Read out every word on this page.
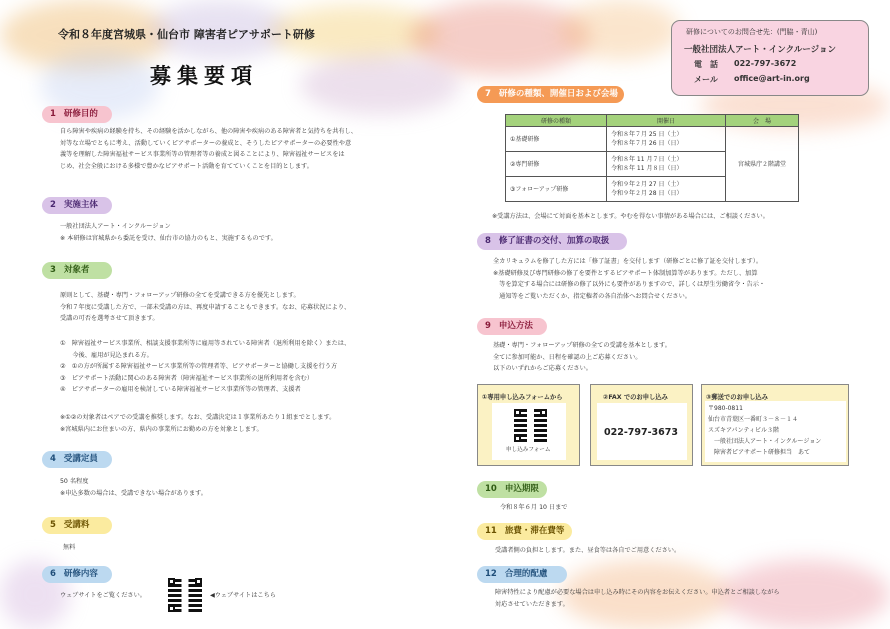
令和８年度宮城県・仙台市 障害者ピアサポート研修
募集要項
研修についてのお問合せ先：(門脇・青山)
一般社団法人アート・インクルージョン
電　話 022-797-3672
メール office@art-in.org
1 研修目的
自ら障害や疾病の経験を持ち、その経験を活かしながら、他の障害や疾病のある障害者と気持ちを共有し、
対等な立場でともに考え、活動していくピアサポーターの養成と、そうしたピアサポーターの必要性や意
義等を理解した障害福祉サービス事業所等の管理者等の養成と図ることにより、障害福祉サービスをは
じめ、社会全般における多様で豊かなピアサポート活動を育てていくことを目的とします。
2 実施主体
一般社団法人アート・インクルージョン
※ 本研修は宮城県から委託を受け、仙台市の協力のもと、実施するものです。
3 対象者
原則として、基礎・専門・フォローアップ研修の全てを受講できる方を優先とします。
令和７年度に受講した方で、一部未受講の方は、再度申請することもできます。なお、応募状況により、
受講の可否を選考させて頂きます。
①　障害福祉サービス事業所、相談支援事業所等に雇用等されている障害者（退所利用を除く）または、
　　今後、雇用が見込まれる方。
②　①の方が所属する障害福祉サービス事業所等の管理者等、ピアサポーターと協働し支援を行う方
③　ピアサポート活動に関心のある障害者（障害福祉サービス事業所の退所利用者を含む）
④　ピアサポーターの雇用を検討している障害福祉サービス事業所等の管理者、支援者
※①②の対象者はペアでの受講を推奨します。なお、受講決定は１事業所あたり１組までとします。
※宮城県内にお住まいの方、県内の事業所にお勤めの方を対象とします。
4 受講定員
50 名程度
※申込多数の場合は、受講できない場合があります。
5 受講料
無料
6 研修内容
ウェブサイトをご覧ください。	◀ウェブサイトはこちら
7 研修の種類、開催日および会場
研修の種類	開催日	会　場
①基礎研修	令和８年７月 25 日（土）
令和８年７月 26 日（日）	宮城県庁２階講堂
②専門研修	令和８年 11 月７日（土）
令和８年 11 月８日（日）	

③フォローアップ研修	令和９年２月 27 日（土）
令和９年２月 28 日（日）	
※受講方法は、会場にて対面を基本とします。やむを得ない事情がある場合には、ご相談ください。
8 修了証書の交付、加算の取扱
全カリキュラムを修了した方には「修了証書」を交付します（研修ごとに修了証を交付します）。
※基礎研修及び専門研修の修了を要件とするピアサポート体制加算等があります。ただし、加算
　等を算定する場合には研修の修了以外にも要件がありますので、詳しくは厚生労働省令・告示・
　通知等をご覧いただくか、指定権者の各自治体へお問合せください。
9 申込方法
基礎・専門・フォローアップ研修の全ての受講を基本とします。
全てに参加可能か、日程を確認の上ご応募ください。
以下のいずれからご応募ください。
①専用申し込みフォームから
申し込みフォーム
②FAX でのお申し込み
022-797-3673
③郵送でのお申し込み
〒980-0811
仙台市青葉区一番町３－８－１４
スズキアパンティビル３階
　一般社団法人アート・インクルージョン
　障害者ピアサポート研修担当　あて
10 申込期限
令和８年６月 10 日まで
11 旅費・滞在費等
受講者側の負担とします。また、昼食等は各自でご用意ください。
12 合理的配慮
障害特性により配慮が必要な場合は申し込み時にその内容をお伝えください。申込者とご相談しながら
対応させていただきます。
